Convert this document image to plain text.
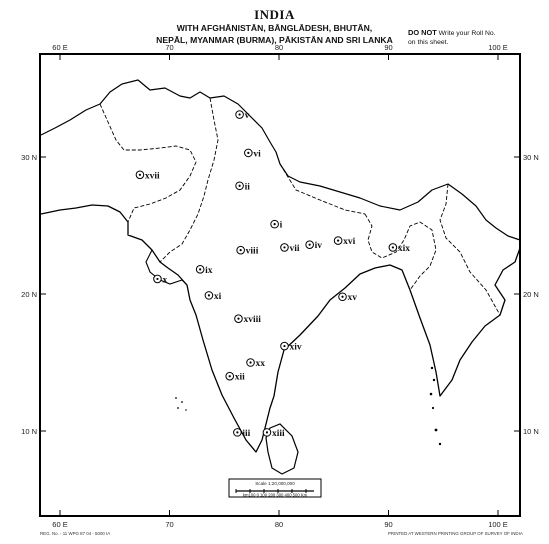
INDIA
WITH AFGHĀNISTĀN, BĀNGLĀDESH, BHUTĀN,
NEPĀL, MYANMAR (BURMA), PĀKISTĀN AND SRI LANKA
DO NOT Write your Roll No.
on this sheet.
Scale 1:20,000,000
km100 0 100 200 300 400 500 Km
60 E
60 E
70
70
80
80
90
90
100 E
100 E
30 N	30 N
20 N	20 N
10 N	10 N
i
ii
iii
iv
v
vi
vii
viii
ix
x
xi
xii
xiii
xiv
xv
xvi
xvii
xviii
xix
xx
REG. No. - 11 WPG 87 04 - 5000 IA	PRINTED AT WESTERN PRINTING GROUP OF SURVEY OF INDIA
